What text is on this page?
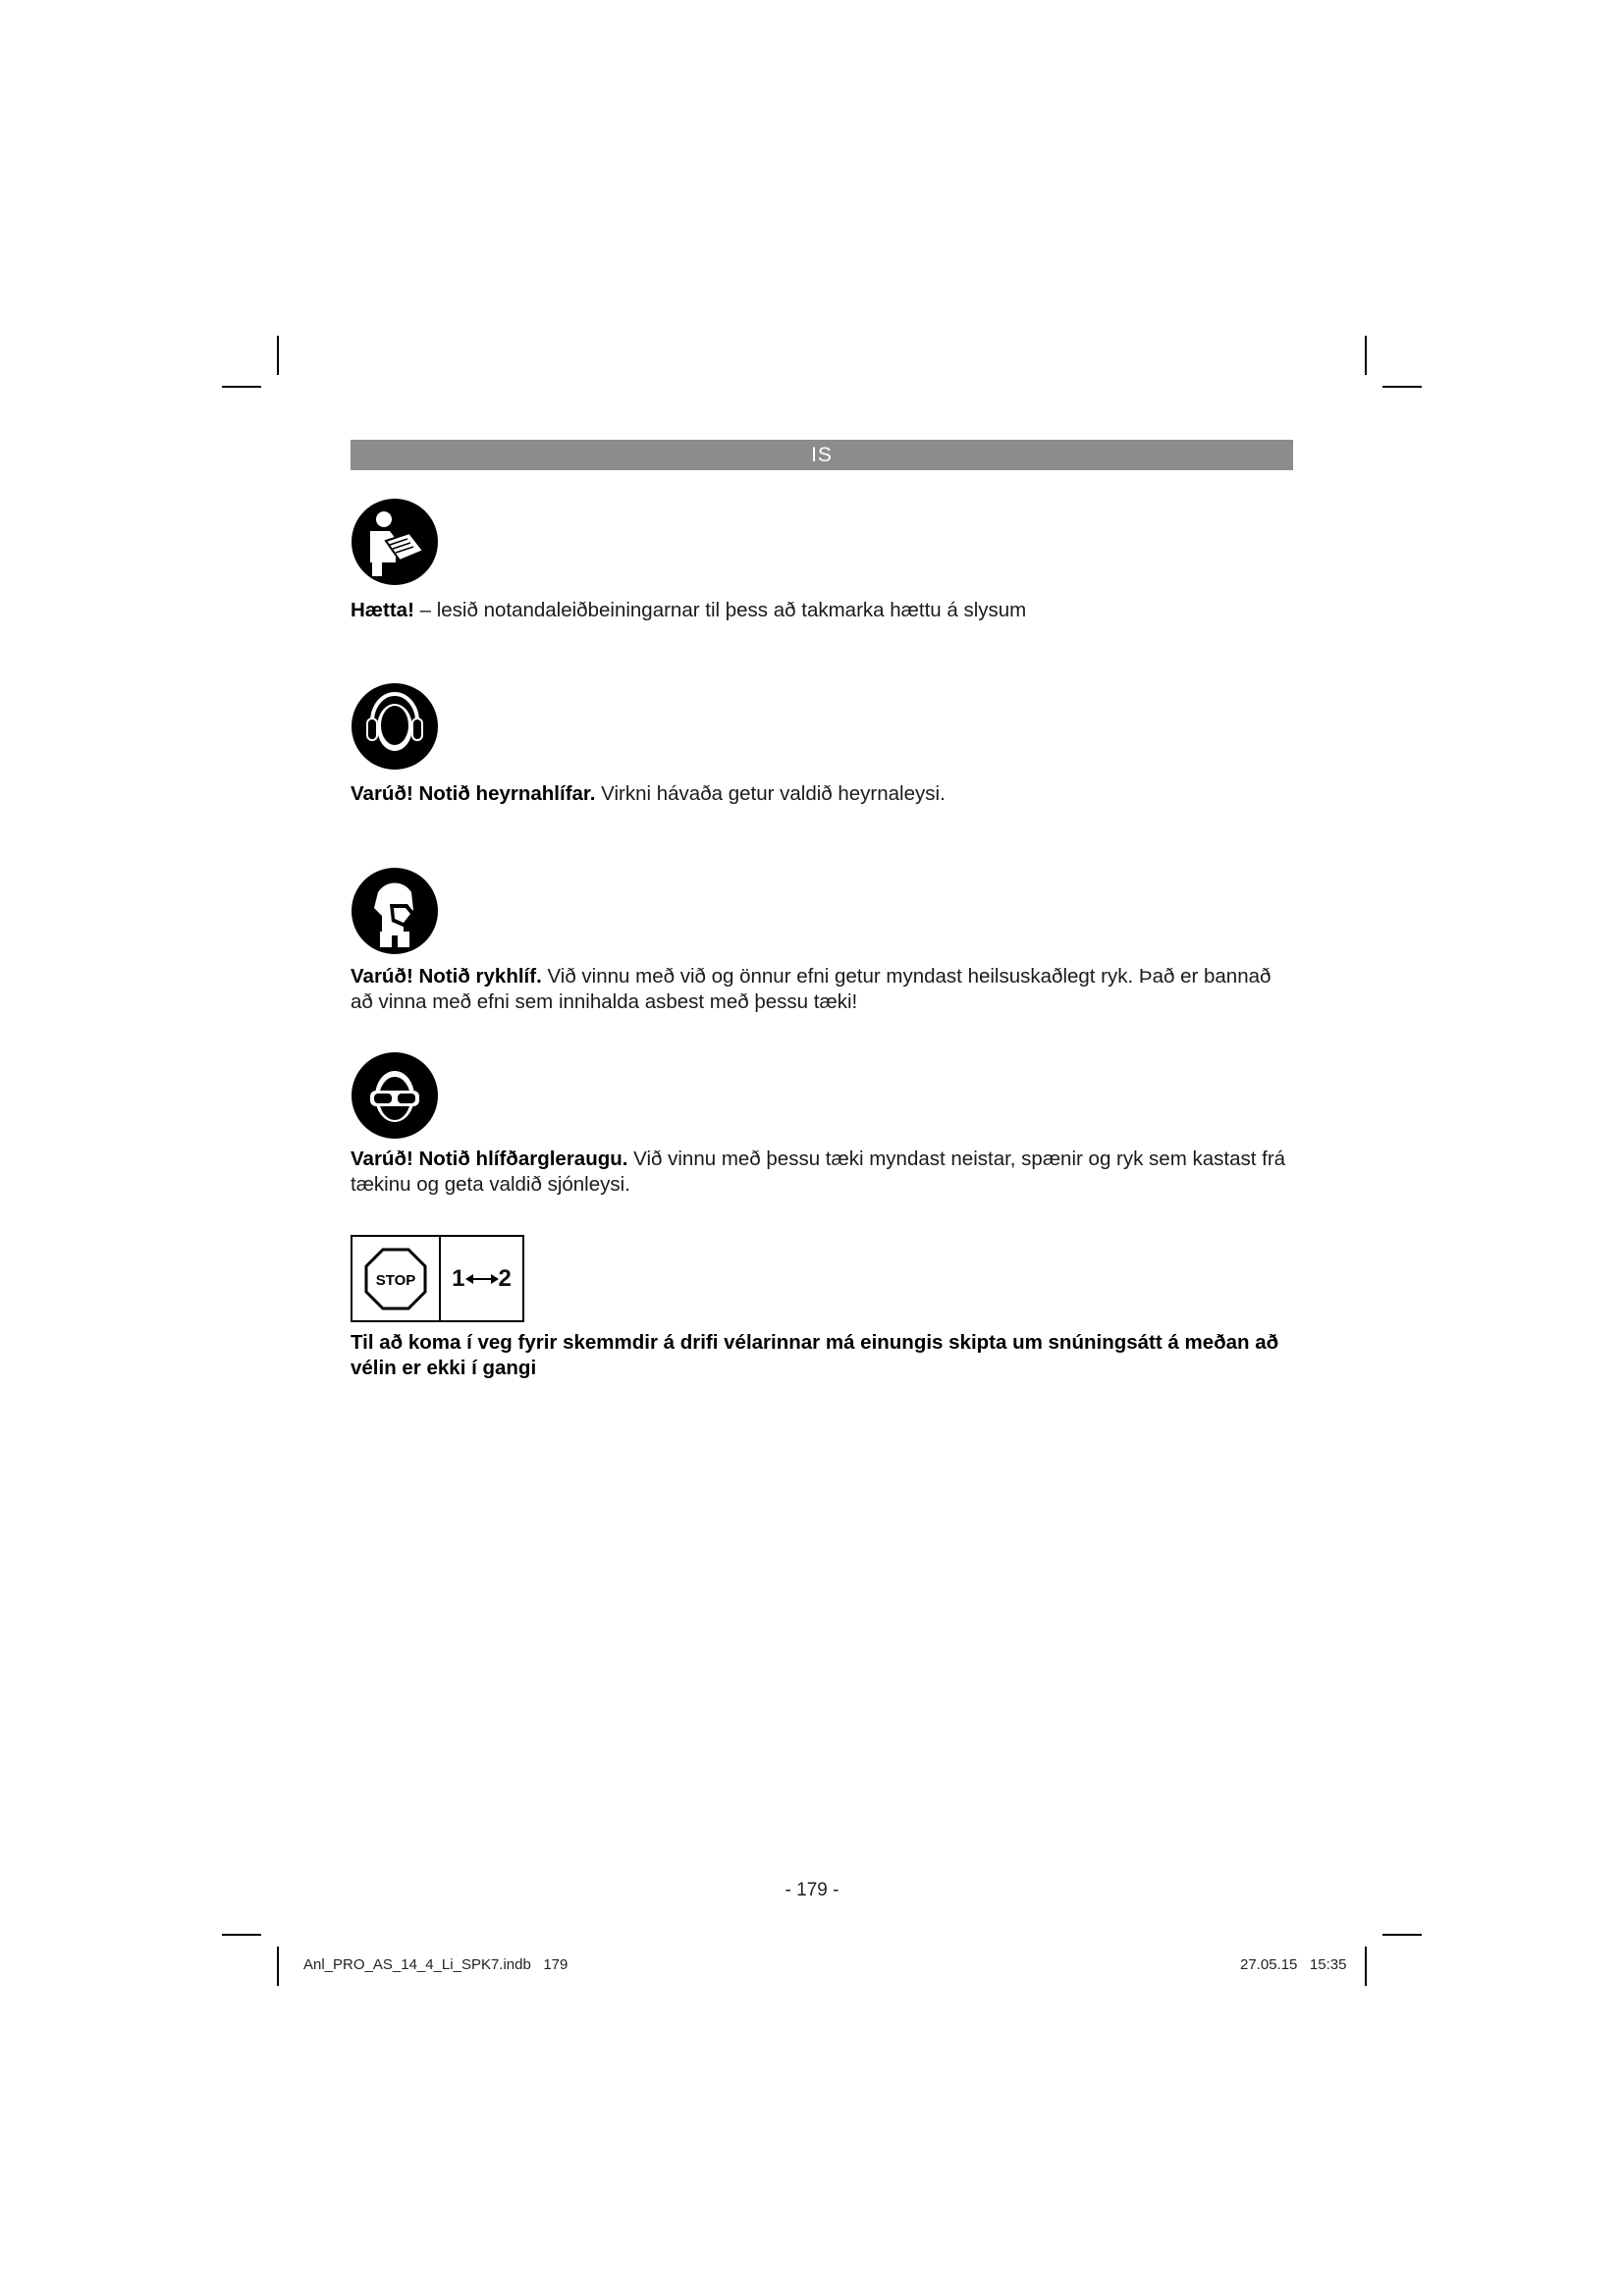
IS
Hætta! – lesið notandaleiðbeiningarnar til þess að takmarka hættu á slysum
Varúð! Notið heyrnahlífar. Virkni hávaða getur valdið heyrnaleysi.
Varúð! Notið rykhlíf. Við vinnu með við og önnur efni getur myndast heilsuskaðlegt ryk. Það er bannað að vinna með efni sem innihalda asbest með þessu tæki!
Varúð! Notið hlífðargleraugu. Við vinnu með þessu tæki myndast neistar, spænir og ryk sem kastast frá tækinu og geta valdið sjónleysi.
STOP 1 2
Til að koma í veg fyrir skemmdir á drifi vélarinnar má einungis skipta um snúningsátt á meðan að vélin er ekki í gangi
- 179 -
Anl_PRO_AS_14_4_Li_SPK7.indb   179	27.05.15   15:35
